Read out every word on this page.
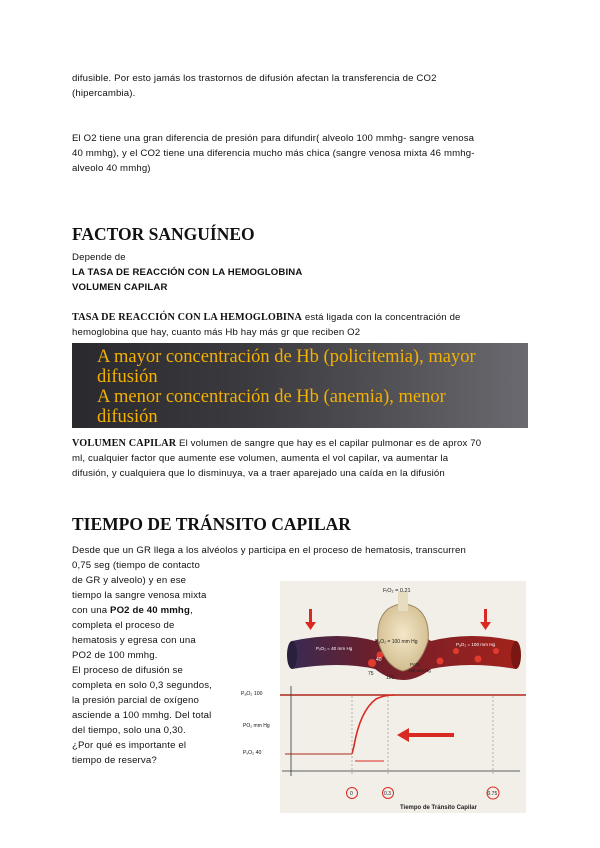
difusible. Por esto jamás los trastornos de difusión afectan la transferencia de CO2
(hipercambia).
El O2 tiene una gran diferencia de presión para difundir( alveolo 100 mmhg- sangre venosa
40 mmhg), y el CO2 tiene una diferencia mucho más chica (sangre venosa mixta 46 mmhg-
alveolo 40 mmhg)
FACTOR SANGUÍNEO
Depende de
LA TASA DE REACCIÓN CON LA HEMOGLOBINA
VOLUMEN CAPILAR
TASA DE REACCIÓN CON LA HEMOGLOBINA está ligada con la concentración de
hemoglobina que hay, cuanto más Hb hay más gr que reciben O2
A mayor concentración de Hb (policitemia), mayor
difusión
A menor concentración de Hb (anemia), menor
difusión
VOLUMEN CAPILAR El volumen de sangre que hay es el capilar pulmonar es de aprox 70
ml, cualquier factor que aumente ese volumen, aumenta el vol capilar, va aumentar la
difusión, y cualquiera que lo disminuya, va a traer aparejado una caída en la difusión
TIEMPO DE TRÁNSITO CAPILAR
Desde que un GR llega a los alvéolos y participa en el proceso de hematosis, transcurren
0,75 seg (tiempo de contacto
de GR y alveolo) y en ese
tiempo la sangre venosa mixta
con una PO2 de 40 mmhg,
completa el proceso de
hematosis y egresa con una
PO2 de 100 mmhg.
El proceso de difusión se
completa en solo 0,3 segundos,
la presión parcial de oxígeno
asciende a 100 mmhg. Del total
del tiempo, solo una 0,30.
¿Por qué es importante el
tiempo de reserva?
FᵢO₂ = 0.21
PₐO₂ = 100 mm Hg
PᵥO₂ = 40 mm Hg
PₐO₂ = 100 mm Hg
PcO₂
100 mm Hg
40
75
100
0	0.3	0.75
Tiempo de Tránsito Capilar
PₐO₂ 100
PO₂ mm Hg
PᵥO₂ 40
